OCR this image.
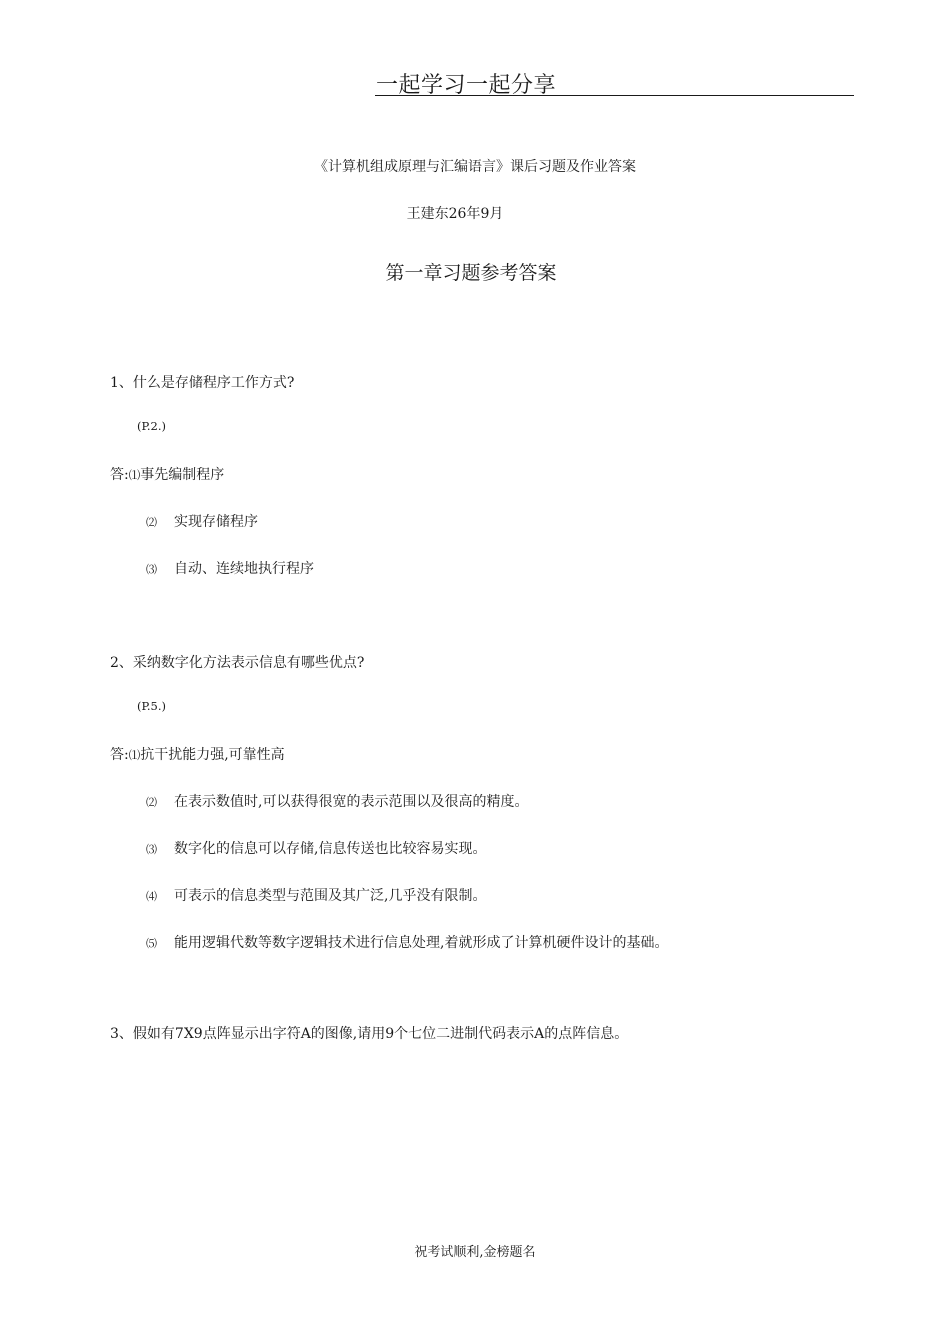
一起学习一起分享
《计算机组成原理与汇编语言》课后习题及作业答案
王建东26年9月
第一章习题参考答案
1、什么是存储程序工作方式?
(P.2.)
答:⑴事先编制程序
⑵ 实现存储程序
⑶ 自动、连续地执行程序
2、采纳数字化方法表示信息有哪些优点?
(P.5.)
答:⑴抗干扰能力强,可靠性高
⑵ 在表示数值时,可以获得很宽的表示范围以及很高的精度。
⑶ 数字化的信息可以存储,信息传送也比较容易实现。
⑷ 可表示的信息类型与范围及其广泛,几乎没有限制。
⑸ 能用逻辑代数等数字逻辑技术进行信息处理,着就形成了计算机硬件设计的基础。
3、假如有7X9点阵显示出字符A的图像,请用9个七位二进制代码表示A的点阵信息。
祝考试顺利,金榜题名
